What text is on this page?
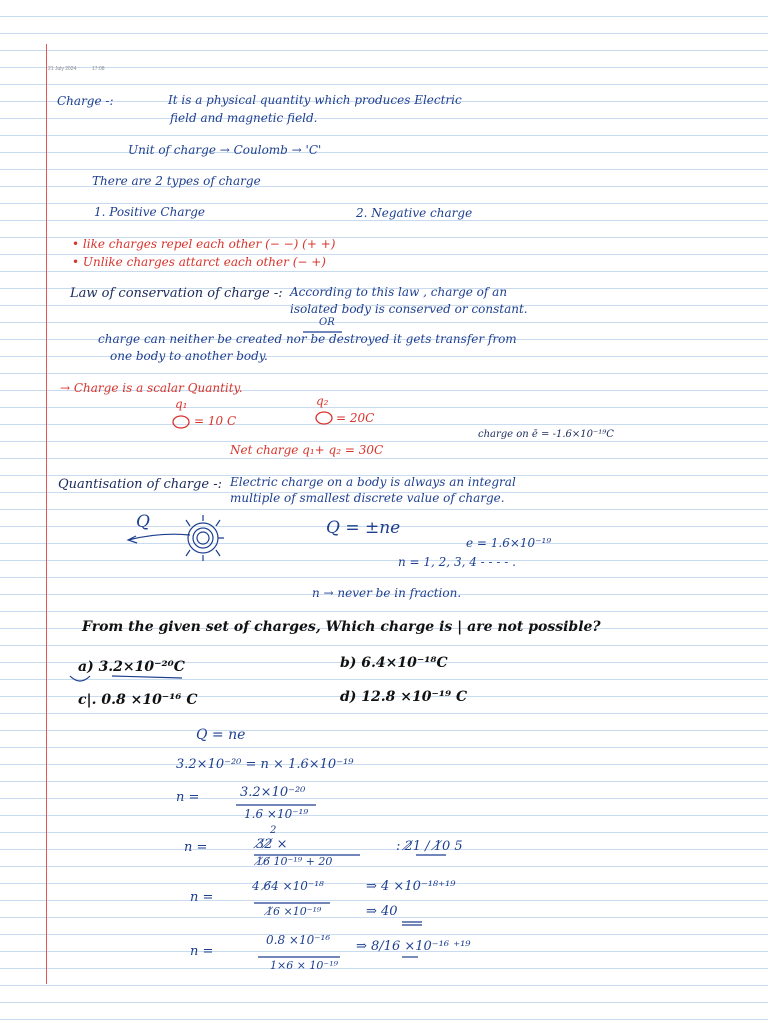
21 July 2024	17:08
Charge -:	It is a physical quantity which produces Electric
field and magnetic field.
Unit of charge → Coulomb → 'C'
There are 2 types of charge
1. Positive Charge	2. Negative charge
• like charges repel each other (− −) (+ +)
• Unlike charges attarct each other (− +)
Law of conservation of charge -: According to this law , charge of an
isolated body is conserved or constant.
charge can neither be created nor be destroyed it gets transfer from
OR
one body to another body.
→ Charge is a scalar Quantity.
q₁	q₂
= 10 C	= 20C
charge on ē = -1.6×10⁻¹⁹C
Net charge q₁+ q₂ = 30C
Quantisation of charge -: Electric charge on a body is always an integral
multiple of smallest discrete value of charge.
Q	Q = ±ne
e = 1.6×10⁻¹⁹
n = 1, 2, 3, 4 - - - - .
n → never be in fraction.
From the given set of charges, Which charge is | are not possible?
a) 3.2×10⁻²⁰C	b) 6.4×10⁻¹⁸C
c|. 0.8 ×10⁻¹⁶ C	d) 12.8 ×10⁻¹⁹ C
Q = ne
3.2×10⁻²⁰ = n × 1.6×10⁻¹⁹
n =	3.2×10⁻²⁰
1.6 ×10⁻¹⁹
n =
2
3̸2̸ ×
1̸6̸ 10⁻¹⁹ + 20
: 2̸1 / 1̸0 5
n =
4 6̸4 ×10⁻¹⁸
1̸6 ×10⁻¹⁹
⇒ 4 ×10⁻¹⁸⁺¹⁹
⇒ 40
n =
0.8 ×10⁻¹⁶
1×6 × 10⁻¹⁹
⇒ 8/16 ×10⁻¹⁶ ⁺¹⁹
